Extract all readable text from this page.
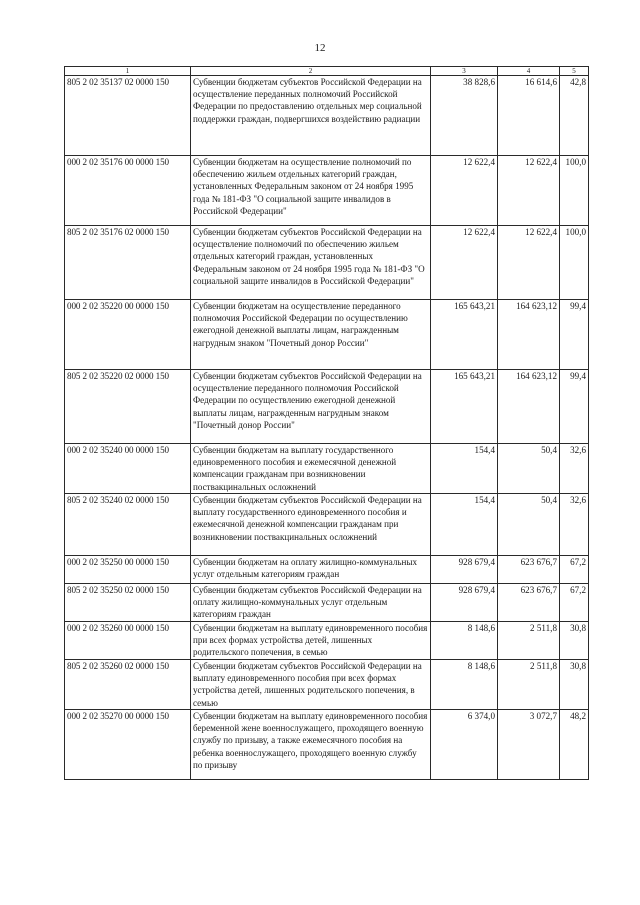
12
1	2	3	4	5
805 2 02 35137 02 0000 150	Субвенции бюджетам субъектов Российской Федерации на осуществление переданных полномочий Российской Федерации по предоставлению отдельных мер социальной поддержки граждан, подвергшихся воздействию радиации	38 828,6	16 614,6	42,8
000 2 02 35176 00 0000 150	Субвенции бюджетам на осуществление полномочий по обеспечению жильем отдельных категорий граждан, установленных Федеральным законом от 24 ноября 1995 года № 181-ФЗ "О социальной защите инвалидов в Российской Федерации"	12 622,4	12 622,4	100,0
805 2 02 35176 02 0000 150	Субвенции бюджетам субъектов Российской Федерации на осуществление полномочий по обеспечению жильем отдельных категорий граждан, установленных Федеральным законом от 24 ноября 1995 года № 181-ФЗ "О социальной защите инвалидов в Российской Федерации"	12 622,4	12 622,4	100,0
000 2 02 35220 00 0000 150	Субвенции бюджетам на осуществление переданного полномочия Российской Федерации по осуществлению ежегодной денежной выплаты лицам, награжденным нагрудным знаком "Почетный донор России"	165 643,21	164 623,12	99,4
805 2 02 35220 02 0000 150	Субвенции бюджетам субъектов Российской Федерации на осуществление переданного полномочия Российской Федерации по осуществлению ежегодной денежной выплаты лицам, награжденным нагрудным знаком "Почетный донор России"	165 643,21	164 623,12	99,4
000 2 02 35240 00 0000 150	Субвенции бюджетам на выплату государственного единовременного пособия и ежемесячной денежной компенсации гражданам при возникновении поствакцинальных осложнений	154,4	50,4	32,6
805 2 02 35240 02 0000 150	Субвенции бюджетам субъектов Российской Федерации на выплату государственного единовременного пособия и ежемесячной денежной компенсации гражданам при возникновении поствакцинальных осложнений	154,4	50,4	32,6
000 2 02 35250 00 0000 150	Субвенции бюджетам на оплату жилищно-коммунальных услуг отдельным категориям граждан	928 679,4	623 676,7	67,2
805 2 02 35250 02 0000 150	Субвенции бюджетам субъектов Российской Федерации на оплату жилищно-коммунальных услуг отдельным категориям граждан	928 679,4	623 676,7	67,2
000 2 02 35260 00 0000 150	Субвенции бюджетам на выплату единовременного пособия при всех формах устройства детей, лишенных родительского попечения, в семью	8 148,6	2 511,8	30,8
805 2 02 35260 02 0000 150	Субвенции бюджетам субъектов Российской Федерации на выплату единовременного пособия при всех формах устройства детей, лишенных родительского попечения, в семью	8 148,6	2 511,8	30,8
000 2 02 35270 00 0000 150	Субвенции бюджетам на выплату единовременного пособия беременной жене военнослужащего, проходящего военную службу по призыву, а также ежемесячного пособия на ребенка военнослужащего, проходящего военную службу по призыву	6 374,0	3 072,7	48,2
